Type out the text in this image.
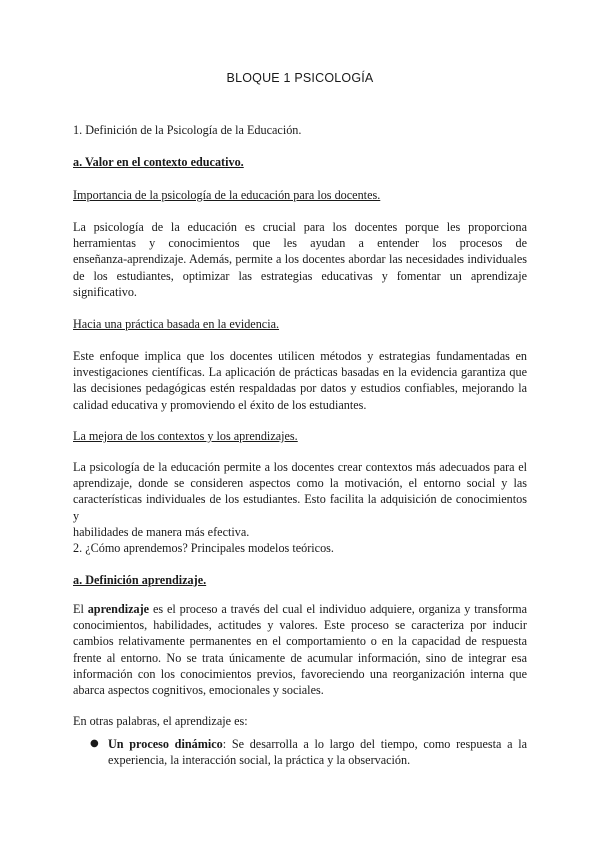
BLOQUE 1 PSICOLOGÍA
1. Definición de la Psicología de la Educación.
a. Valor en el contexto educativo.
Importancia de la psicología de la educación para los docentes.
La psicología de la educación es crucial para los docentes porque les proporciona
herramientas y conocimientos que les ayudan a entender los procesos de
enseñanza-aprendizaje. Además, permite a los docentes abordar las necesidades individuales
de los estudiantes, optimizar las estrategias educativas y fomentar un aprendizaje
significativo.
Hacia una práctica basada en la evidencia.
Este enfoque implica que los docentes utilicen métodos y estrategias fundamentadas en
investigaciones científicas. La aplicación de prácticas basadas en la evidencia garantiza que
las decisiones pedagógicas estén respaldadas por datos y estudios confiables, mejorando la
calidad educativa y promoviendo el éxito de los estudiantes.
La mejora de los contextos y los aprendizajes.
La psicología de la educación permite a los docentes crear contextos más adecuados para el
aprendizaje, donde se consideren aspectos como la motivación, el entorno social y las
características individuales de los estudiantes. Esto facilita la adquisición de conocimientos y
habilidades de manera más efectiva.
2. ¿Cómo aprendemos? Principales modelos teóricos.
a. Definición aprendizaje.
El aprendizaje es el proceso a través del cual el individuo adquiere, organiza y transforma
conocimientos, habilidades, actitudes y valores. Este proceso se caracteriza por inducir
cambios relativamente permanentes en el comportamiento o en la capacidad de respuesta
frente al entorno. No se trata únicamente de acumular información, sino de integrar esa
información con los conocimientos previos, favoreciendo una reorganización interna que
abarca aspectos cognitivos, emocionales y sociales.
En otras palabras, el aprendizaje es:
● Un proceso dinámico: Se desarrolla a lo largo del tiempo, como respuesta a la
experiencia, la interacción social, la práctica y la observación.
